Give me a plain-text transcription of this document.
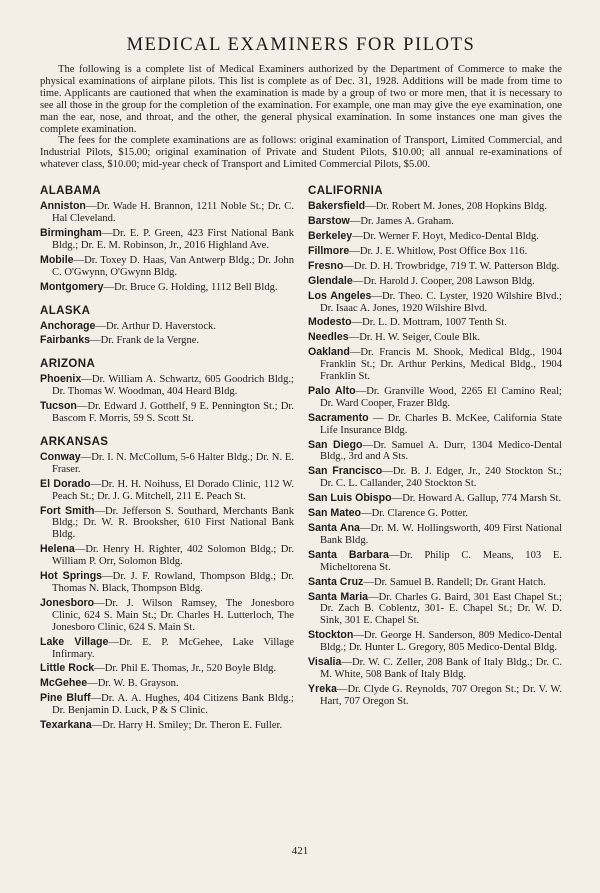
MEDICAL EXAMINERS FOR PILOTS

The following is a complete list of Medical Examiners authorized by the Department of Commerce to make the physical examinations of airplane pilots. This list is complete as of Dec. 31, 1928. Additions will be made from time to time. Applicants are cautioned that when the examination is made by a group of two or more men, that it is necessary to see all those in the group for the completion of the examination. For example, one man may give the eye examination, one man the ear, nose, and throat, and the other, the general physical examination. In some instances one man gives the complete examination.

The fees for the complete examinations are as follows: original examination of Transport, Limited Commercial, and Industrial Pilots, $15.00; original examination of Private and Student Pilots, $10.00; all annual re-examinations of whatever class, $10.00; mid-year check of Transport and Limited Commercial Pilots, $5.00.

ALABAMA
Anniston—Dr. Wade H. Brannon, 1211 Noble St.; Dr. C. Hal Cleveland.
Birmingham—Dr. E. P. Green, 423 First National Bank Bldg.; Dr. E. M. Robinson, Jr., 2016 Highland Ave.
Mobile—Dr. Toxey D. Haas, Van Antwerp Bldg.; Dr. John C. O'Gwynn, O'Gwynn Bldg.
Montgomery—Dr. Bruce G. Holding, 1112 Bell Bldg.
ALASKA
Anchorage—Dr. Arthur D. Haverstock.
Fairbanks—Dr. Frank de la Vergne.
ARIZONA
Phoenix—Dr. William A. Schwartz, 605 Goodrich Bldg.; Dr. Thomas W. Woodman, 404 Heard Bldg.
Tucson—Dr. Edward J. Gotthelf, 9 E. Pennington St.; Dr. Bascom F. Morris, 59 S. Scott St.
ARKANSAS
Conway—Dr. I. N. McCollum, 5-6 Halter Bldg.; Dr. N. E. Fraser.
El Dorado—Dr. H. H. Noihuss, El Dorado Clinic, 112 W. Peach St.; Dr. J. G. Mitchell, 211 E. Peach St.
Fort Smith—Dr. Jefferson S. Southard, Merchants Bank Bldg.; Dr. W. R. Brooksher, 610 First National Bank Bldg.
Helena—Dr. Henry H. Righter, 402 Solomon Bldg.; Dr. William P. Orr, Solomon Bldg.
Hot Springs—Dr. J. F. Rowland, Thompson Bldg.; Dr. Thomas N. Black, Thompson Bldg.
Jonesboro—Dr. J. Wilson Ramsey, The Jonesboro Clinic, 624 S. Main St.; Dr. Charles H. Lutterloch, The Jonesboro Clinic, 624 S. Main St.
Lake Village—Dr. E. P. McGehee, Lake Village Infirmary.
Little Rock—Dr. Phil E. Thomas, Jr., 520 Boyle Bldg.
McGehee—Dr. W. B. Grayson.
Pine Bluff—Dr. A. A. Hughes, 404 Citizens Bank Bldg.; Dr. Benjamin D. Luck, P & S Clinic.
Texarkana—Dr. Harry H. Smiley; Dr. Theron E. Fuller.
CALIFORNIA
Bakersfield—Dr. Robert M. Jones, 208 Hopkins Bldg.
Barstow—Dr. James A. Graham.
Berkeley—Dr. Werner F. Hoyt, Medico-Dental Bldg.
Fillmore—Dr. J. E. Whitlow, Post Office Box 116.
Fresno—Dr. D. H. Trowbridge, 719 T. W. Patterson Bldg.
Glendale—Dr. Harold J. Cooper, 208 Lawson Bldg.
Los Angeles—Dr. Theo. C. Lyster, 1920 Wilshire Blvd.; Dr. Isaac A. Jones, 1920 Wilshire Blvd.
Modesto—Dr. L. D. Mottram, 1007 Tenth St.
Needles—Dr. H. W. Seiger, Coule Blk.
Oakland—Dr. Francis M. Shook, Medical Bldg., 1904 Franklin St.; Dr. Arthur Perkins, Medical Bldg., 1904 Franklin St.
Palo Alto—Dr. Granville Wood, 2265 El Camino Real; Dr. Ward Cooper, Frazer Bldg.
Sacramento — Dr. Charles B. McKee, California State Life Insurance Bldg.
San Diego—Dr. Samuel A. Durr, 1304 Medico-Dental Bldg., 3rd and A Sts.
San Francisco—Dr. B. J. Edger, Jr., 240 Stockton St.; Dr. C. L. Callander, 240 Stockton St.
San Luis Obispo—Dr. Howard A. Gallup, 774 Marsh St.
San Mateo—Dr. Clarence G. Potter.
Santa Ana—Dr. M. W. Hollingsworth, 409 First National Bank Bldg.
Santa Barbara—Dr. Philip C. Means, 103 E. Micheltorena St.
Santa Cruz—Dr. Samuel B. Randell; Dr. Grant Hatch.
Santa Maria—Dr. Charles G. Baird, 301 East Chapel St.; Dr. Zach B. Coblentz, 301- E. Chapel St.; Dr. W. D. Sink, 301 E. Chapel St.
Stockton—Dr. George H. Sanderson, 809 Medico-Dental Bldg.; Dr. Hunter L. Gregory, 805 Medico-Dental Bldg.
Visalia—Dr. W. C. Zeller, 208 Bank of Italy Bldg.; Dr. C. M. White, 508 Bank of Italy Bldg.
Yreka—Dr. Clyde G. Reynolds, 707 Oregon St.; Dr. V. W. Hart, 707 Oregon St.
421
